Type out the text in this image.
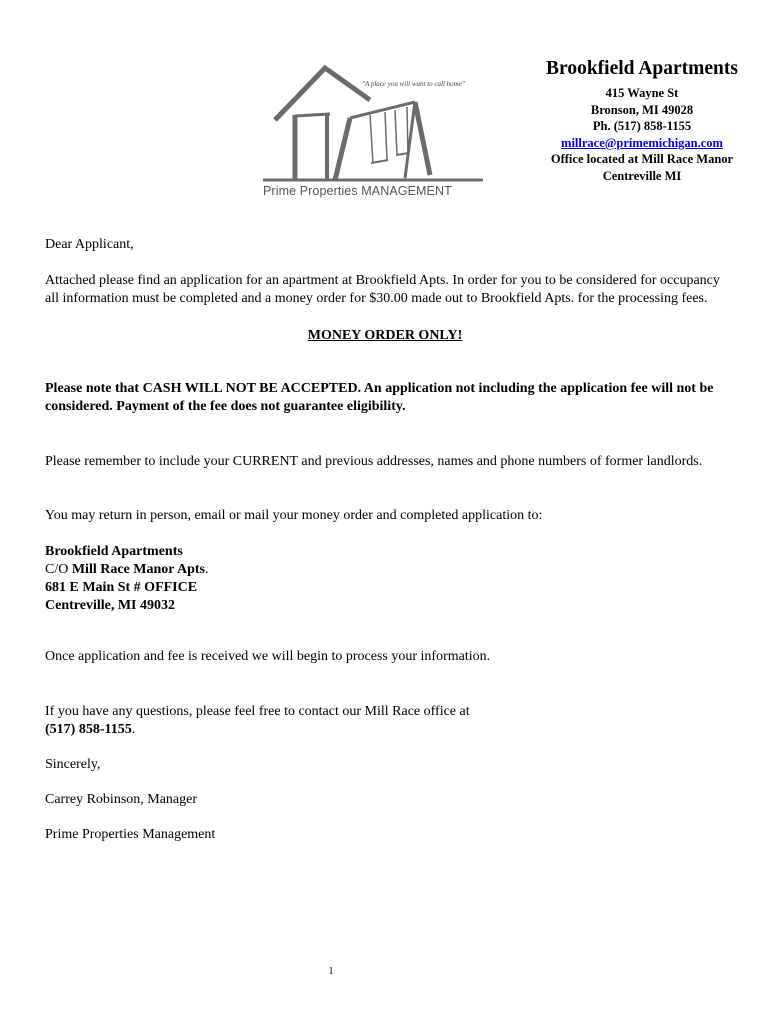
"A place you will want to call home"
Prime Properties MANAGEMENT
Brookfield Apartments
415 Wayne St
Bronson, MI 49028
Ph. (517) 858-1155
millrace@primemichigan.com
Office located at Mill Race Manor
Centreville MI

Dear Applicant,

Attached please find an application for an apartment at Brookfield Apts. In order for you to be considered for occupancy all information must be completed and a money order for $30.00 made out to Brookfield Apts. for the processing fees.

MONEY ORDER ONLY!

Please note that CASH WILL NOT BE ACCEPTED. An application not including the application fee will not be considered. Payment of the fee does not guarantee eligibility.

Please remember to include your CURRENT and previous addresses, names and phone numbers of former landlords.

You may return in person, email or mail your money order and completed application to:

Brookfield Apartments
C/O Mill Race Manor Apts.
681 E Main St # OFFICE
Centreville, MI 49032

Once application and fee is received we will begin to process your information.

If you have any questions, please feel free to contact our Mill Race office at
(517) 858-1155.

Sincerely,

Carrey Robinson, Manager

Prime Properties Management

1
